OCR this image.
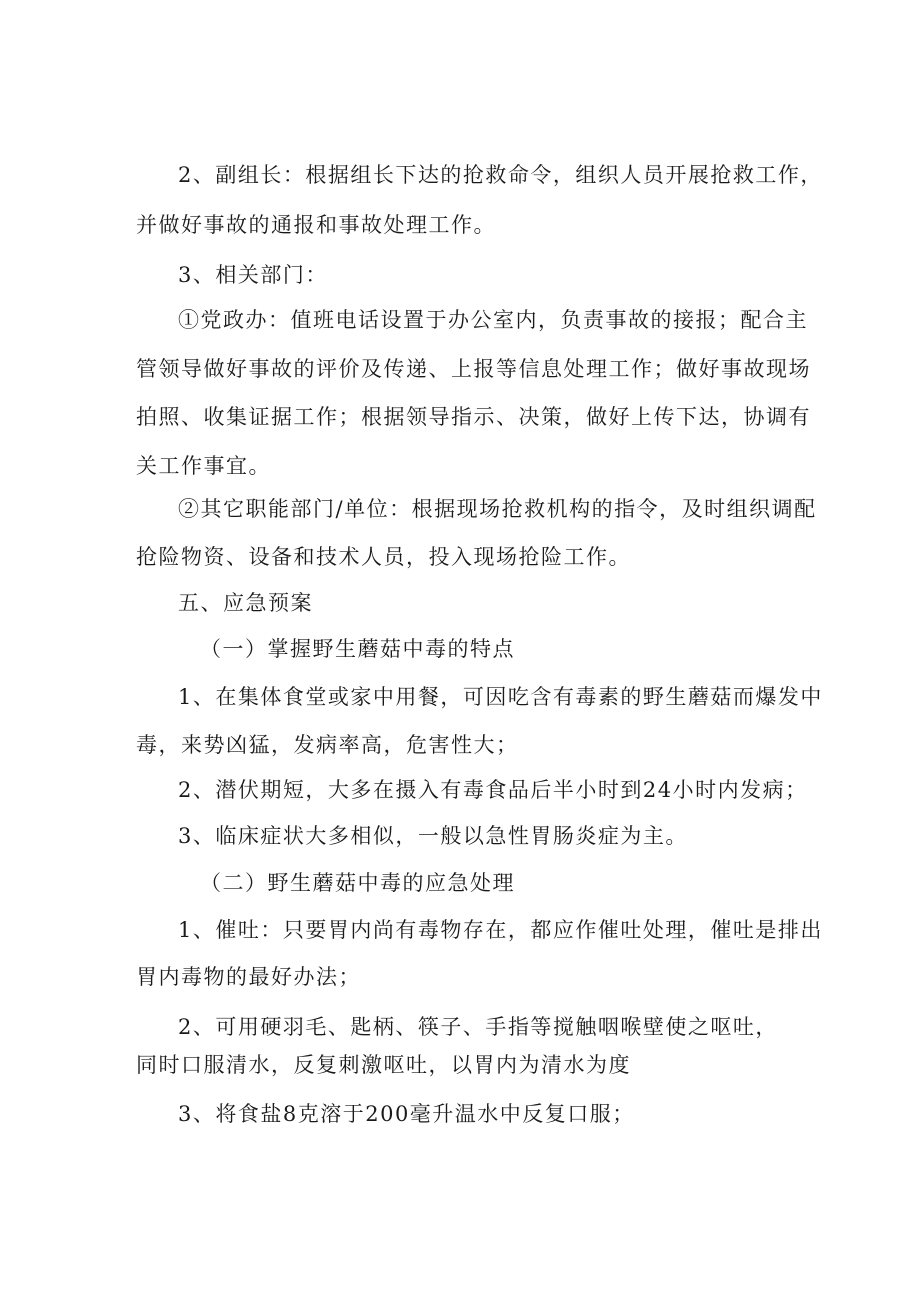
2、副组长：根据组长下达的抢救命令，组织人员开展抢救工作，
并做好事故的通报和事故处理工作。
3、相关部门：
①党政办：值班电话设置于办公室内，负责事故的接报；配合主
管领导做好事故的评价及传递、上报等信息处理工作；做好事故现场
拍照、收集证据工作；根据领导指示、决策，做好上传下达，协调有
关工作事宜。
②其它职能部门/单位：根据现场抢救机构的指令，及时组织调配
抢险物资、设备和技术人员，投入现场抢险工作。
五、应急预案
（一）掌握野生蘑菇中毒的特点
1、在集体食堂或家中用餐，可因吃含有毒素的野生蘑菇而爆发中
毒，来势凶猛，发病率高，危害性大；
2、潜伏期短，大多在摄入有毒食品后半小时到24小时内发病；
3、临床症状大多相似，一般以急性胃肠炎症为主。
（二）野生蘑菇中毒的应急处理
1、催吐：只要胃内尚有毒物存在，都应作催吐处理，催吐是排出
胃内毒物的最好办法；
2、可用硬羽毛、匙柄、筷子、手指等搅触咽喉壁使之呕吐，
同时口服清水，反复刺激呕吐，以胃内为清水为度
3、将食盐8克溶于200毫升温水中反复口服；
